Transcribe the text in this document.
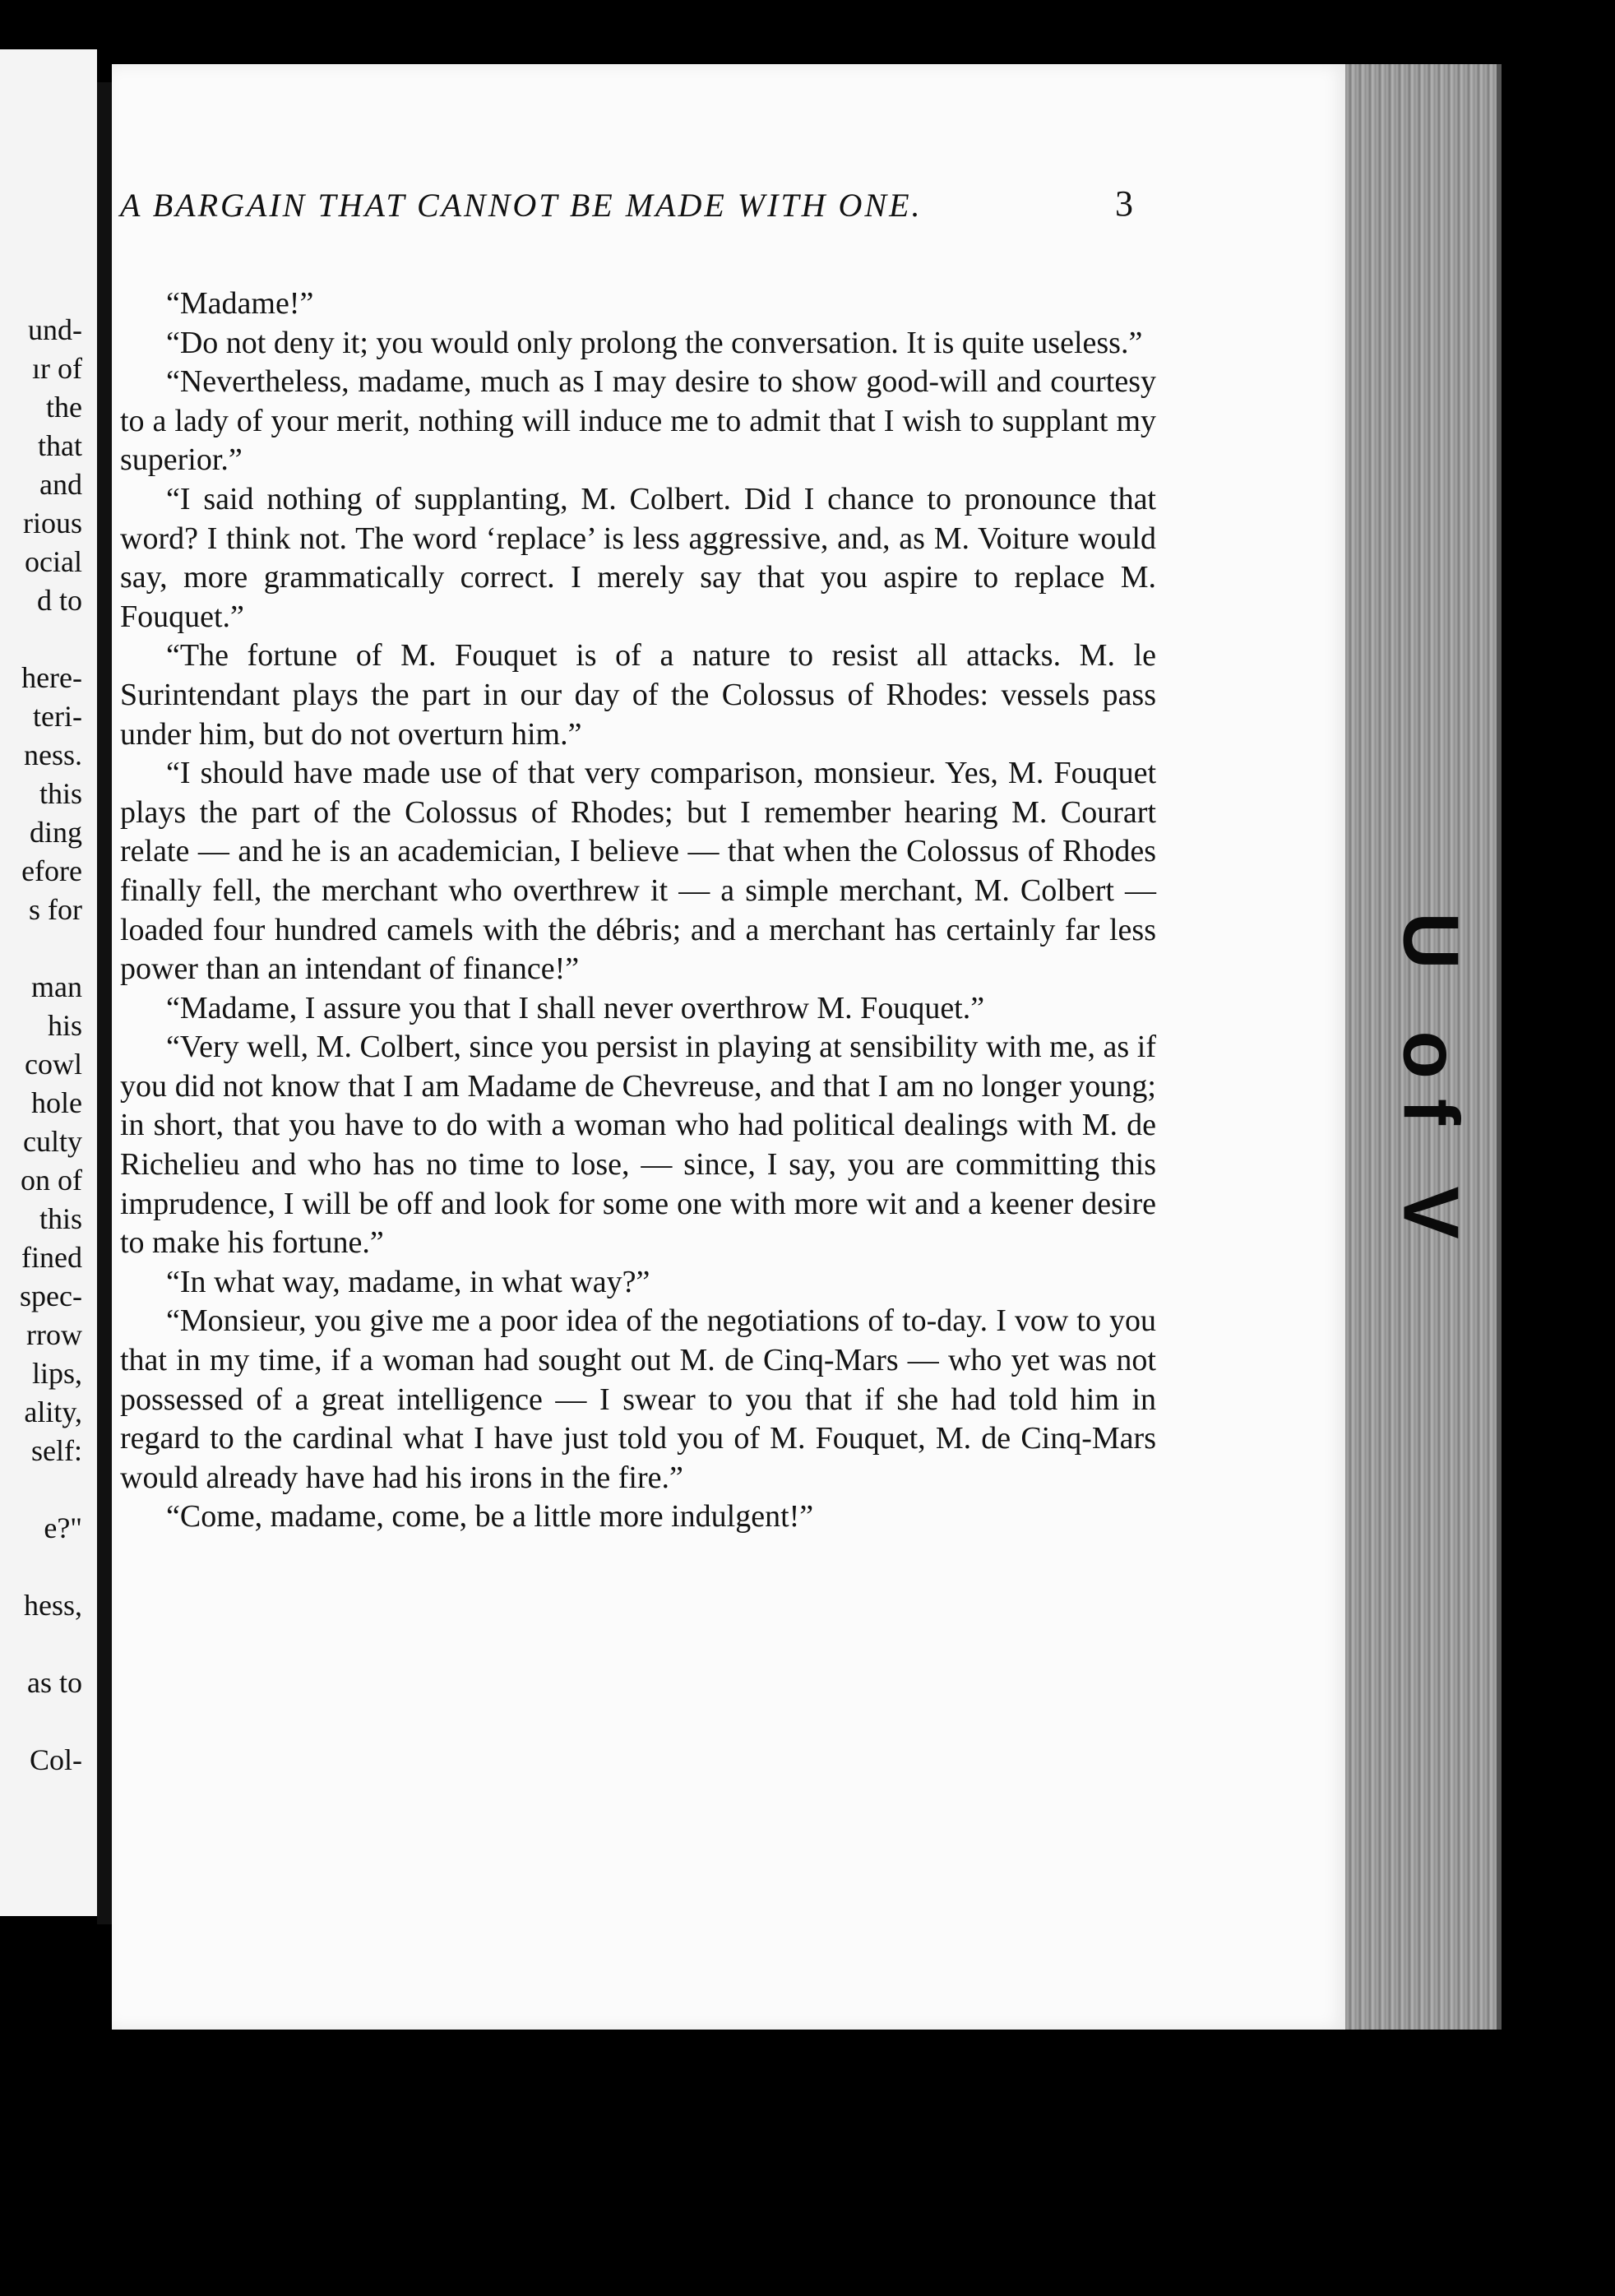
und-
ır of
the
that
and
rious
ocial
d to
here-
teri-
ness.
this
ding
efore
s for
man
his
cowl
hole
culty
on of
this
fined
spec-
rrow
lips,
ality,
self:
e?"
hess,
as to
Col-
U of V
A BARGAIN THAT CANNOT BE MADE WITH ONE.	3

“Madame!”

“Do not deny it; you would only prolong the conversation. It is quite useless.”

“Nevertheless, madame, much as I may desire to show good-will and courtesy to a lady of your merit, nothing will induce me to admit that I wish to supplant my superior.”

“I said nothing of supplanting, M. Colbert. Did I chance to pronounce that word? I think not. The word ‘replace’ is less aggressive, and, as M. Voiture would say, more grammatically correct. I merely say that you aspire to replace M. Fouquet.”

“The fortune of M. Fouquet is of a nature to resist all attacks. M. le Surintendant plays the part in our day of the Colossus of Rhodes: vessels pass under him, but do not overturn him.”

“I should have made use of that very comparison, monsieur. Yes, M. Fouquet plays the part of the Colossus of Rhodes; but I remember hearing M. Courart relate — and he is an academician, I believe — that when the Colossus of Rhodes finally fell, the merchant who overthrew it — a simple merchant, M. Colbert — loaded four hundred camels with the débris; and a merchant has certainly far less power than an intendant of finance!”

“Madame, I assure you that I shall never overthrow M. Fouquet.”

“Very well, M. Colbert, since you persist in playing at sensibility with me, as if you did not know that I am Madame de Chevreuse, and that I am no longer young; in short, that you have to do with a woman who had political dealings with M. de Richelieu and who has no time to lose, — since, I say, you are committing this imprudence, I will be off and look for some one with more wit and a keener desire to make his fortune.”

“In what way, madame, in what way?”

“Monsieur, you give me a poor idea of the negotiations of to-day. I vow to you that in my time, if a woman had sought out M. de Cinq-Mars — who yet was not possessed of a great intelligence — I swear to you that if she had told him in regard to the cardinal what I have just told you of M. Fouquet, M. de Cinq-Mars would already have had his irons in the fire.”

“Come, madame, come, be a little more indulgent!”
